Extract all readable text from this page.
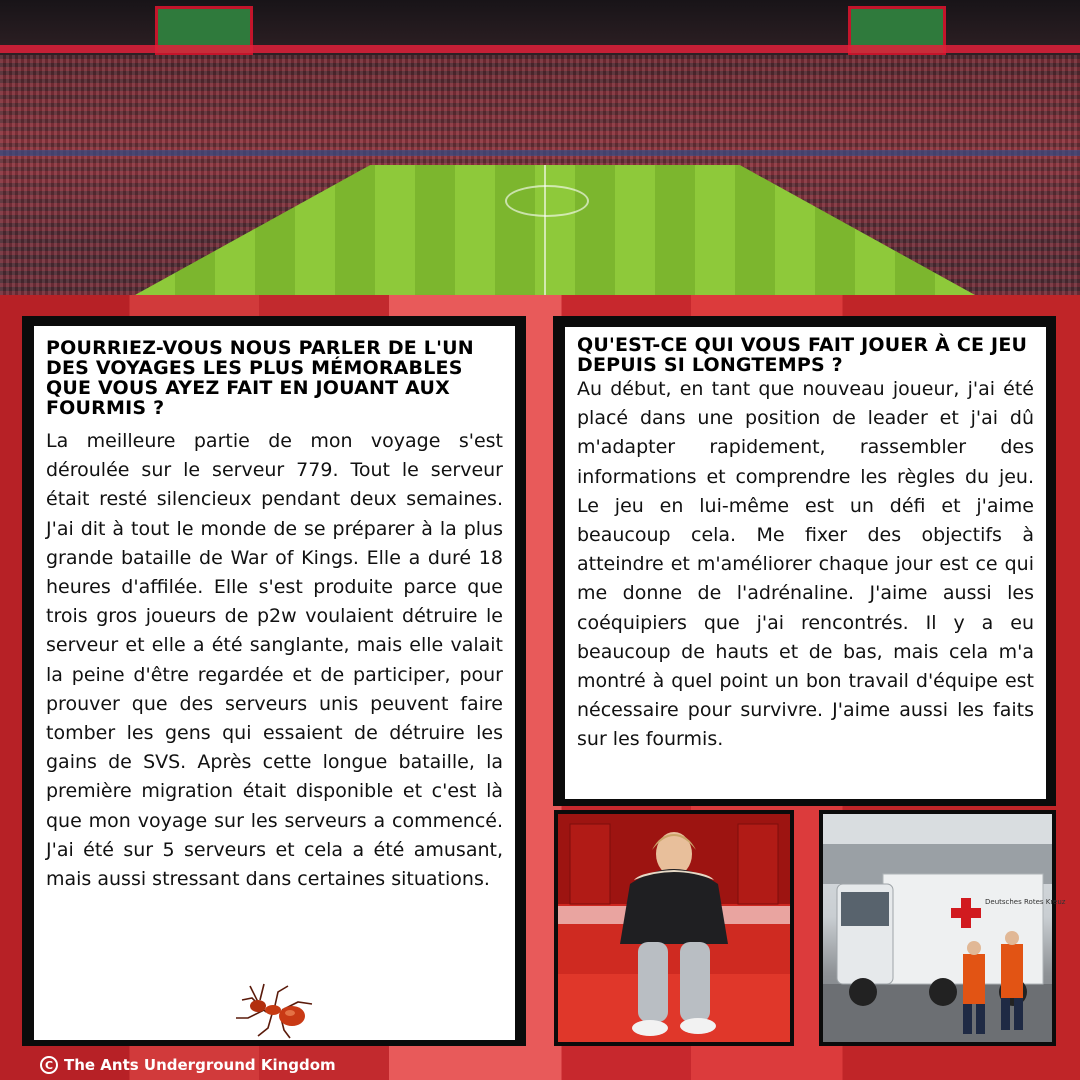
POURRIEZ-VOUS NOUS PARLER DE L'UN DES VOYAGES LES PLUS MÉMORABLES QUE VOUS AYEZ FAIT EN JOUANT AUX FOURMIS ?

La meilleure partie de mon voyage s'est déroulée sur le serveur 779. Tout le serveur était resté silencieux pendant deux semaines. J'ai dit à tout le monde de se préparer à la plus grande bataille de War of Kings. Elle a duré 18 heures d'affilée. Elle s'est produite parce que trois gros joueurs de p2w voulaient détruire le serveur et elle a été sanglante, mais elle valait la peine d'être regardée et de participer, pour prouver que des serveurs unis peuvent faire tomber les gens qui essaient de détruire les gains de SVS. Après cette longue bataille, la première migration était disponible et c'est là que mon voyage sur les serveurs a commencé. J'ai été sur 5 serveurs et cela a été amusant, mais aussi stressant dans certaines situations.

QU'EST-CE QUI VOUS FAIT JOUER À CE JEU DEPUIS SI LONGTEMPS ?

Au début, en tant que nouveau joueur, j'ai été placé dans une position de leader et j'ai dû m'adapter rapidement, rassembler des informations et comprendre les règles du jeu. Le jeu en lui-même est un défi et j'aime beaucoup cela. Me fixer des objectifs à atteindre et m'améliorer chaque jour est ce qui me donne de l'adrénaline. J'aime aussi les coéquipiers que j'ai rencontrés. Il y a eu beaucoup de hauts et de bas, mais cela m'a montré à quel point un bon travail d'équipe est nécessaire pour survivre. J'aime aussi les faits sur les fourmis.

Deutsches Rotes Kreuz
C The Ants Underground Kingdom
